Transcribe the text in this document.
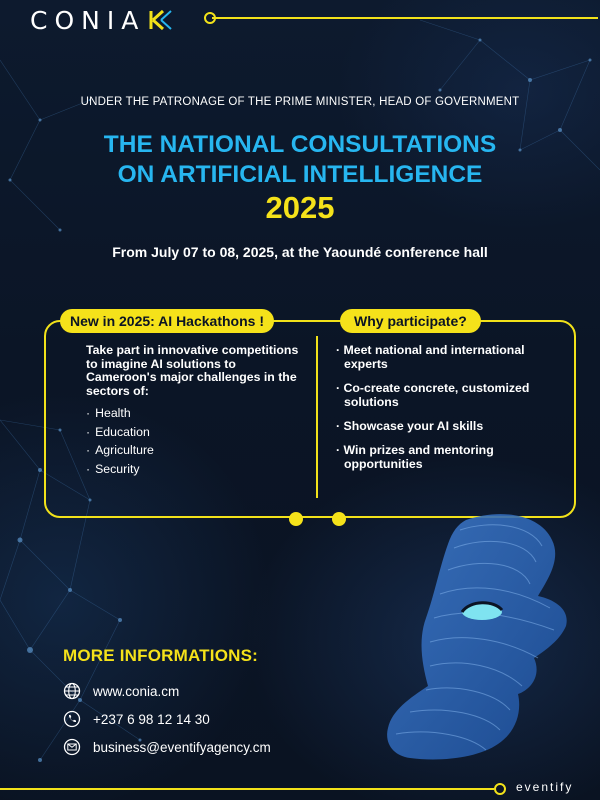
CONIA
UNDER THE PATRONAGE OF THE PRIME MINISTER, HEAD OF GOVERNMENT
THE NATIONAL CONSULTATIONS
ON ARTIFICIAL INTELLIGENCE
2025
From July 07 to 08, 2025, at the Yaoundé conference hall
New in 2025: AI Hackathons !	Why participate?

Take part in innovative competitions to imagine AI solutions to Cameroon's major challenges in the sectors of:

· Health
· Education
· Agriculture
· Security
· Meet national and international experts
· Co-create concrete, customized solutions
· Showcase your AI skills
· Win prizes and mentoring opportunities
MORE INFORMATIONS:
www.conia.cm
+237 6 98 12 14 30
business@eventifyagency.cm
eventify
